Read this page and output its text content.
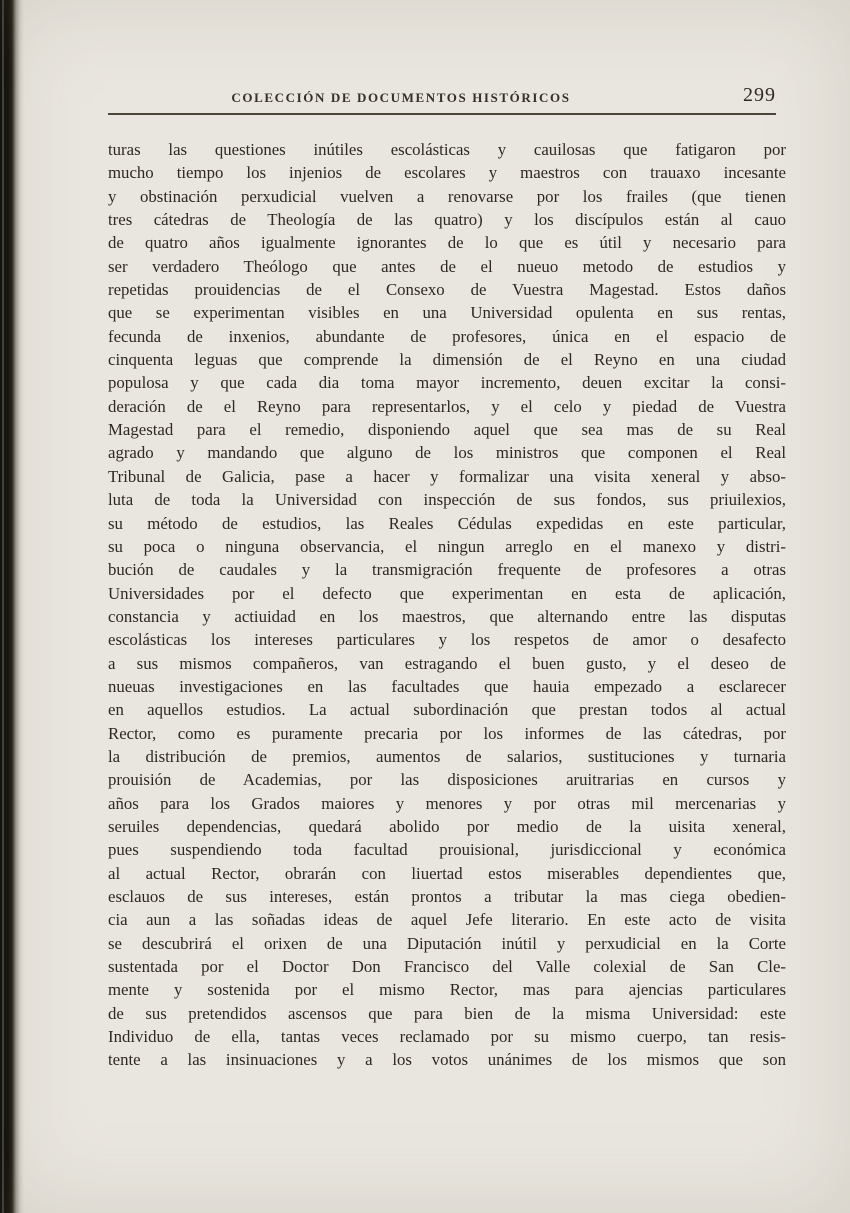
COLECCIÓN DE DOCUMENTOS HISTÓRICOS	299
turas las questiones inútiles escolásticas y cauilosas que fatigaron por
mucho tiempo los injenios de escolares y maestros con trauaxo incesante
y obstinación perxudicial vuelven a renovarse por los frailes (que tienen
tres cátedras de Theología de las quatro) y los discípulos están al cauo
de quatro años igualmente ignorantes de lo que es útil y necesario para
ser verdadero Theólogo que antes de el nueuo metodo de estudios y
repetidas prouidencias de el Consexo de Vuestra Magestad. Estos daños
que se experimentan visibles en una Universidad opulenta en sus rentas,
fecunda de inxenios, abundante de profesores, única en el espacio de
cinquenta leguas que comprende la dimensión de el Reyno en una ciudad
populosa y que cada dia toma mayor incremento, deuen excitar la consi-
deración de el Reyno para representarlos, y el celo y piedad de Vuestra
Magestad para el remedio, disponiendo aquel que sea mas de su Real
agrado y mandando que alguno de los ministros que componen el Real
Tribunal de Galicia, pase a hacer y formalizar una visita xeneral y abso-
luta de toda la Universidad con inspección de sus fondos, sus priuilexios,
su método de estudios, las Reales Cédulas expedidas en este particular,
su poca o ninguna observancia, el ningun arreglo en el manexo y distri-
bución de caudales y la transmigración frequente de profesores a otras
Universidades por el defecto que experimentan en esta de aplicación,
constancia y actiuidad en los maestros, que alternando entre las disputas
escolásticas los intereses particulares y los respetos de amor o desafecto
a sus mismos compañeros, van estragando el buen gusto, y el deseo de
nueuas investigaciones en las facultades que hauia empezado a esclarecer
en aquellos estudios. La actual subordinación que prestan todos al actual
Rector, como es puramente precaria por los informes de las cátedras, por
la distribución de premios, aumentos de salarios, sustituciones y turnaria
prouisión de Academias, por las disposiciones aruitrarias en cursos y
años para los Grados maiores y menores y por otras mil mercenarias y
seruiles dependencias, quedará abolido por medio de la uisita xeneral,
pues suspendiendo toda facultad prouisional, jurisdiccional y económica
al actual Rector, obrarán con liuertad estos miserables dependientes que,
esclauos de sus intereses, están prontos a tributar la mas ciega obedien-
cia aun a las soñadas ideas de aquel Jefe literario. En este acto de visita
se descubrirá el orixen de una Diputación inútil y perxudicial en la Corte
sustentada por el Doctor Don Francisco del Valle colexial de San Cle-
mente y sostenida por el mismo Rector, mas para ajencias particulares
de sus pretendidos ascensos que para bien de la misma Universidad: este
Individuo de ella, tantas veces reclamado por su mismo cuerpo, tan resis-
tente a las insinuaciones y a los votos unánimes de los mismos que son
